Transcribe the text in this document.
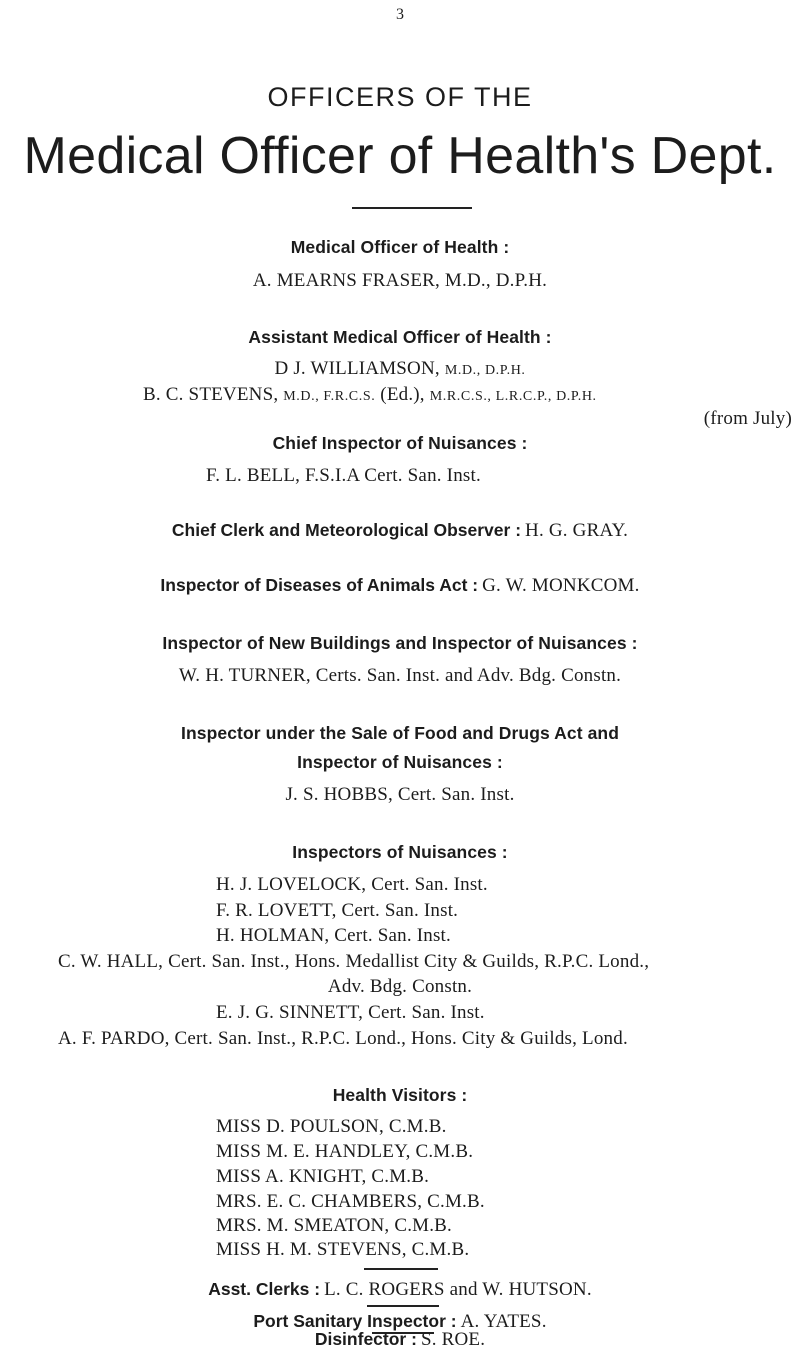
3
OFFICERS OF THE
Medical Officer of Health's Dept.
Medical Officer of Health :
A. MEARNS FRASER, M.D., D.P.H.
Assistant Medical Officer of Health :
D J. WILLIAMSON, M.D., D.P.H.
B. C. STEVENS, M.D., F.R.C.S. (Ed.), M.R.C.S., L.R.C.P., D.P.H.
(from July)
Chief Inspector of Nuisances :
F. L. BELL, F.S.I.A Cert. San. Inst.
Chief Clerk and Meteorological Observer : H. G. GRAY.
Inspector of Diseases of Animals Act : G. W. MONKCOM.
Inspector of New Buildings and Inspector of Nuisances :
W. H. TURNER, Certs. San. Inst. and Adv. Bdg. Constn.
Inspector under the Sale of Food and Drugs Act and
Inspector of Nuisances :
J. S. HOBBS, Cert. San. Inst.
Inspectors of Nuisances :
H. J. LOVELOCK, Cert. San. Inst.
F. R. LOVETT, Cert. San. Inst.
H. HOLMAN, Cert. San. Inst.
C. W. HALL, Cert. San. Inst., Hons. Medallist City & Guilds, R.P.C. Lond.,
Adv. Bdg. Constn.
E. J. G. SINNETT, Cert. San. Inst.
A. F. PARDO, Cert. San. Inst., R.P.C. Lond., Hons. City & Guilds, Lond.
Health Visitors :
MISS D. POULSON, C.M.B.
MISS M. E. HANDLEY, C.M.B.
MISS A. KNIGHT, C.M.B.
MRS. E. C. CHAMBERS, C.M.B.
MRS. M. SMEATON, C.M.B.
MISS H. M. STEVENS, C.M.B.
Asst. Clerks : L. C. ROGERS and W. HUTSON.
Port Sanitary Inspector : A. YATES.
Disinfector : S. ROE.
